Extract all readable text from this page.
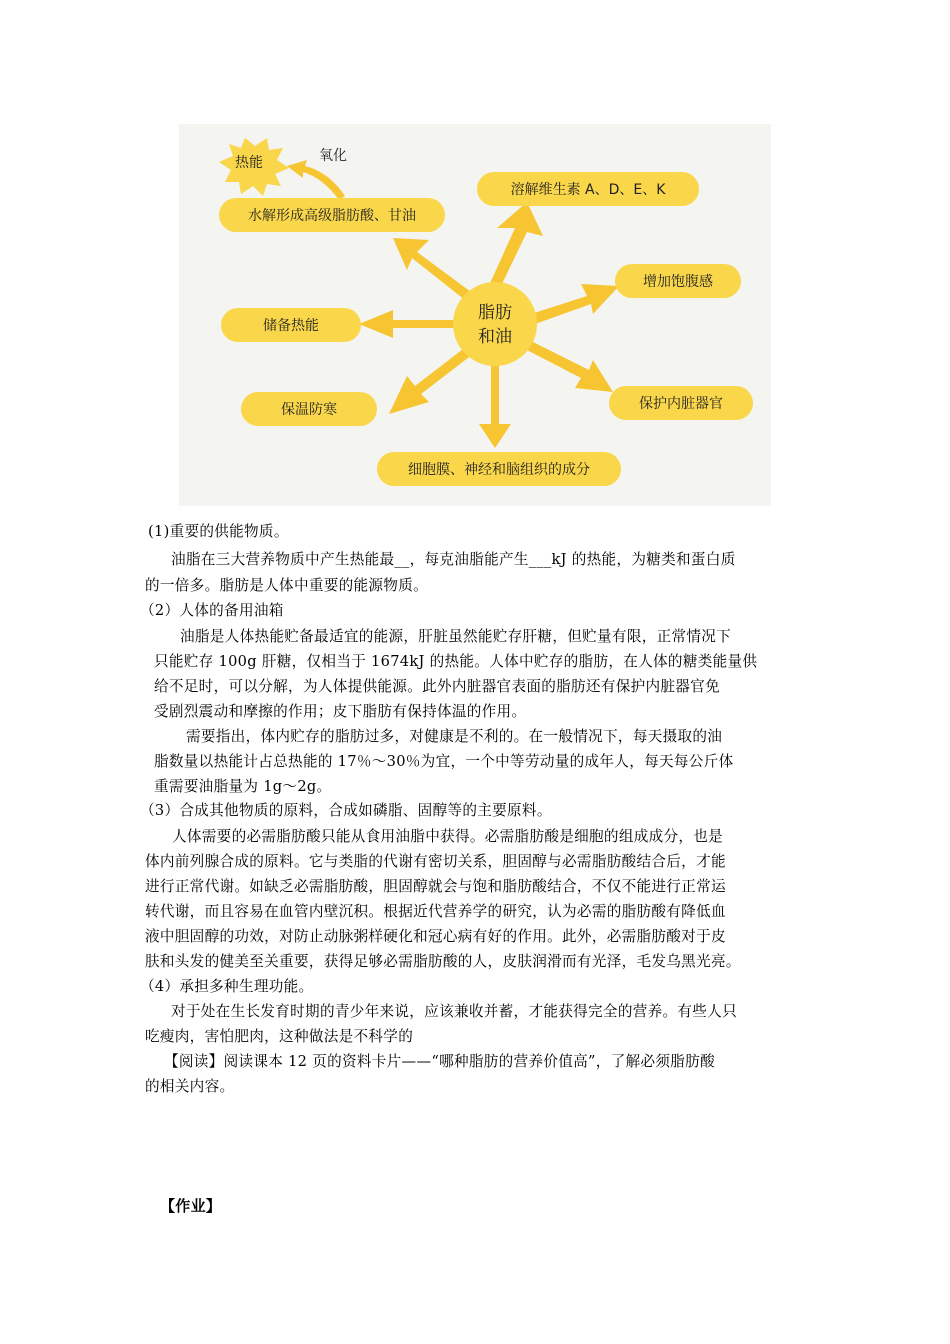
热能	氧化
水解形成高级脂肪酸、甘油
溶解维生素 A、D、E、K
增加饱腹感
储备热能
保护内脏器官
保温防寒
细胞膜、神经和脑组织的成分
脂肪
和油
(1)重要的供能物质。
油脂在三大营养物质中产生热能最__，每克油脂能产生___kJ 的热能，为糖类和蛋白质
的一倍多。脂肪是人体中重要的能源物质。
（2）人体的备用油箱
油脂是人体热能贮备最适宜的能源，肝脏虽然能贮存肝糖，但贮量有限，正常情况下
只能贮存 100g 肝糖，仅相当于 1674kJ 的热能。人体中贮存的脂肪，在人体的糖类能量供
给不足时，可以分解，为人体提供能源。此外内脏器官表面的脂肪还有保护内脏器官免
受剧烈震动和摩擦的作用；皮下脂肪有保持体温的作用。
需要指出，体内贮存的脂肪过多，对健康是不利的。在一般情况下，每天摄取的油
脂数量以热能计占总热能的 17％～30％为宜，一个中等劳动量的成年人，每天每公斤体
重需要油脂量为 1g～2g。
（3）合成其他物质的原料，合成如磷脂、固醇等的主要原料。
人体需要的必需脂肪酸只能从食用油脂中获得。必需脂肪酸是细胞的组成成分，也是
体内前列腺合成的原料。它与类脂的代谢有密切关系，胆固醇与必需脂肪酸结合后，才能
进行正常代谢。如缺乏必需脂肪酸，胆固醇就会与饱和脂肪酸结合，不仅不能进行正常运
转代谢，而且容易在血管内壁沉积。根据近代营养学的研究，认为必需的脂肪酸有降低血
液中胆固醇的功效，对防止动脉粥样硬化和冠心病有好的作用。此外，必需脂肪酸对于皮
肤和头发的健美至关重要，获得足够必需脂肪酸的人，皮肤润滑而有光泽，毛发乌黑光亮。
（4）承担多种生理功能。
对于处在生长发育时期的青少年来说，应该兼收并蓄，才能获得完全的营养。有些人只
吃瘦肉，害怕肥肉，这种做法是不科学的
【阅读】阅读课本 12 页的资料卡片——“哪种脂肪的营养价值高”，了解必须脂肪酸
的相关内容。
【作业】
